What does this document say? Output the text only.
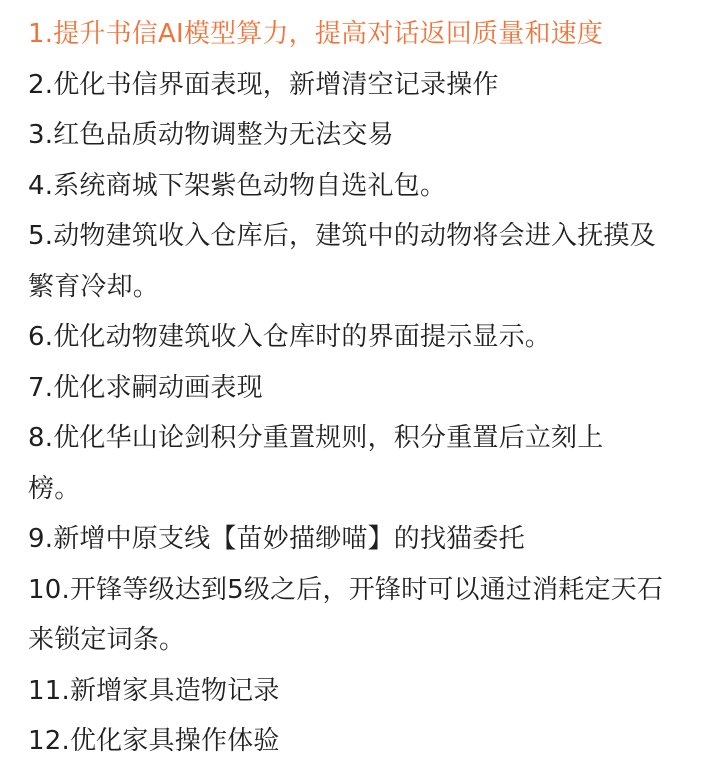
1.提升书信AI模型算力，提高对话返回质量和速度
2.优化书信界面表现，新增清空记录操作
3.红色品质动物调整为无法交易
4.系统商城下架紫色动物自选礼包。
5.动物建筑收入仓库后，建筑中的动物将会进入抚摸及
繁育冷却。
6.优化动物建筑收入仓库时的界面提示显示。
7.优化求嗣动画表现
8.优化华山论剑积分重置规则，积分重置后立刻上
榜。
9.新增中原支线【苗妙描缈喵】的找猫委托
10.开锋等级达到5级之后，开锋时可以通过消耗定天石
来锁定词条。
11.新增家具造物记录
12.优化家具操作体验
